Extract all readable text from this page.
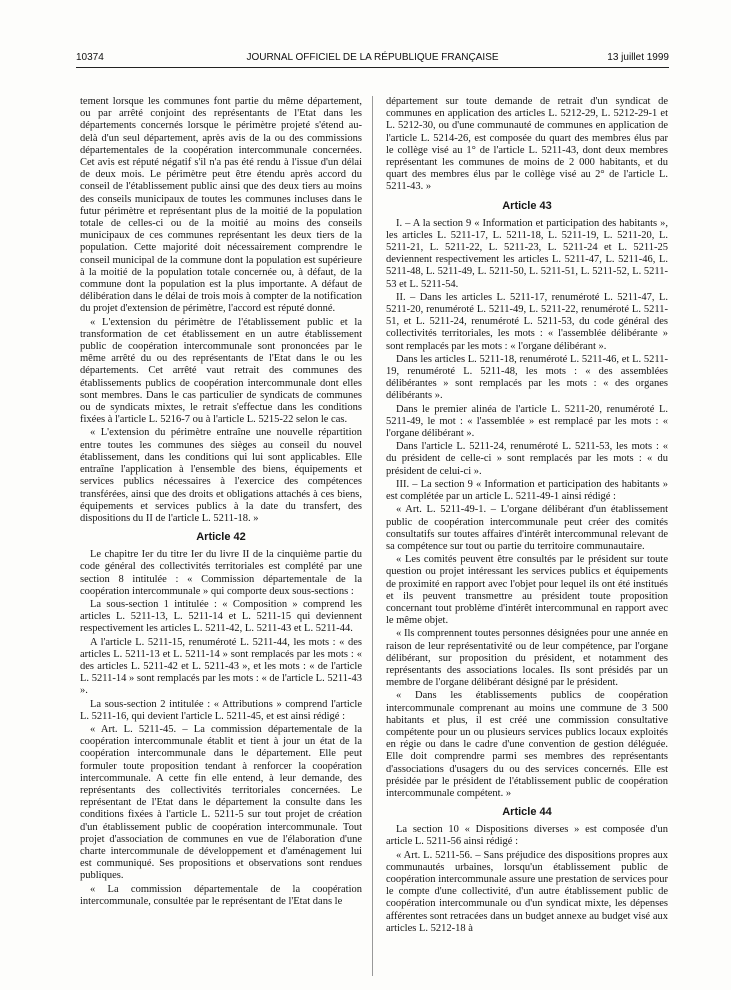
10374	JOURNAL OFFICIEL DE LA RÉPUBLIQUE FRANÇAISE	13 juillet 1999

tement lorsque les communes font partie du même département, ou par arrêté conjoint des représentants de l'Etat dans les départements concernés lorsque le périmètre projeté s'étend au-delà d'un seul département, après avis de la ou des commissions départementales de la coopération intercommunale concernées. Cet avis est réputé négatif s'il n'a pas été rendu à l'issue d'un délai de deux mois. Le périmètre peut être étendu après accord du conseil de l'établissement public ainsi que des deux tiers au moins des conseils municipaux de toutes les communes incluses dans le futur périmètre et représentant plus de la moitié de la population totale de celles-ci ou de la moitié au moins des conseils municipaux de ces communes représentant les deux tiers de la population. Cette majorité doit nécessairement comprendre le conseil municipal de la commune dont la population est supérieure à la moitié de la population totale concernée ou, à défaut, de la commune dont la population est la plus importante. A défaut de délibération dans le délai de trois mois à compter de la notification du projet d'extension de périmètre, l'accord est réputé donné.

« L'extension du périmètre de l'établissement public et la transformation de cet établissement en un autre établissement public de coopération intercommunale sont prononcées par le même arrêté du ou des représentants de l'Etat dans le ou les départements. Cet arrêté vaut retrait des communes des établissements publics de coopération intercommunale dont elles sont membres. Dans le cas particulier de syndicats de communes ou de syndicats mixtes, le retrait s'effectue dans les conditions fixées à l'article L. 5216-7 ou à l'article L. 5215-22 selon le cas.

« L'extension du périmètre entraîne une nouvelle répartition entre toutes les communes des sièges au conseil du nouvel établissement, dans les conditions qui lui sont applicables. Elle entraîne l'application à l'ensemble des biens, équipements et services publics nécessaires à l'exercice des compétences transférées, ainsi que des droits et obligations attachés à ces biens, équipements et services publics à la date du transfert, des dispositions du II de l'article L. 5211-18. »

Article 42

Le chapitre Ier du titre Ier du livre II de la cinquième partie du code général des collectivités territoriales est complété par une section 8 intitulée : « Commission départementale de la coopération intercommunale » qui comporte deux sous-sections :

La sous-section 1 intitulée : « Composition » comprend les articles L. 5211-13, L. 5211-14 et L. 5211-15 qui deviennent respectivement les articles L. 5211-42, L. 5211-43 et L. 5211-44.

A l'article L. 5211-15, renuméroté L. 5211-44, les mots : « des articles L. 5211-13 et L. 5211-14 » sont remplacés par les mots : « des articles L. 5211-42 et L. 5211-43 », et les mots : « de l'article L. 5211-14 » sont remplacés par les mots : « de l'article L. 5211-43 ».

La sous-section 2 intitulée : « Attributions » comprend l'article L. 5211-16, qui devient l'article L. 5211-45, et est ainsi rédigé :

« Art. L. 5211-45. – La commission départementale de la coopération intercommunale établit et tient à jour un état de la coopération intercommunale dans le département. Elle peut formuler toute proposition tendant à renforcer la coopération intercommunale. A cette fin elle entend, à leur demande, des représentants des collectivités territoriales concernées. Le représentant de l'Etat dans le département la consulte dans les conditions fixées à l'article L. 5211-5 sur tout projet de création d'un établissement public de coopération intercommunale. Tout projet d'association de communes en vue de l'élaboration d'une charte intercommunale de développement et d'aménagement lui est communiqué. Ses propositions et observations sont rendues publiques.

« La commission départementale de la coopération intercommunale, consultée par le représentant de l'Etat dans le

département sur toute demande de retrait d'un syndicat de communes en application des articles L. 5212-29, L. 5212-29-1 et L. 5212-30, ou d'une communauté de communes en application de l'article L. 5214-26, est composée du quart des membres élus par le collège visé au 1° de l'article L. 5211-43, dont deux membres représentant les communes de moins de 2 000 habitants, et du quart des membres élus par le collège visé au 2° de l'article L. 5211-43. »

Article 43

I. – A la section 9 « Information et participation des habitants », les articles L. 5211-17, L. 5211-18, L. 5211-19, L. 5211-20, L. 5211-21, L. 5211-22, L. 5211-23, L. 5211-24 et L. 5211-25 deviennent respectivement les articles L. 5211-47, L. 5211-46, L. 5211-48, L. 5211-49, L. 5211-50, L. 5211-51, L. 5211-52, L. 5211-53 et L. 5211-54.

II. – Dans les articles L. 5211-17, renuméroté L. 5211-47, L. 5211-20, renuméroté L. 5211-49, L. 5211-22, renuméroté L. 5211-51, et L. 5211-24, renuméroté L. 5211-53, du code général des collectivités territoriales, les mots : « l'assemblée délibérante » sont remplacés par les mots : « l'organe délibérant ».

Dans les articles L. 5211-18, renuméroté L. 5211-46, et L. 5211-19, renuméroté L. 5211-48, les mots : « des assemblées délibérantes » sont remplacés par les mots : « des organes délibérants ».

Dans le premier alinéa de l'article L. 5211-20, renuméroté L. 5211-49, le mot : « l'assemblée » est remplacé par les mots : « l'organe délibérant ».

Dans l'article L. 5211-24, renuméroté L. 5211-53, les mots : « du président de celle-ci » sont remplacés par les mots : « du président de celui-ci ».

III. – La section 9 « Information et participation des habitants » est complétée par un article L. 5211-49-1 ainsi rédigé :

« Art. L. 5211-49-1. – L'organe délibérant d'un établissement public de coopération intercommunale peut créer des comités consultatifs sur toutes affaires d'intérêt intercommunal relevant de sa compétence sur tout ou partie du territoire communautaire.

« Les comités peuvent être consultés par le président sur toute question ou projet intéressant les services publics et équipements de proximité en rapport avec l'objet pour lequel ils ont été institués et ils peuvent transmettre au président toute proposition concernant tout problème d'intérêt intercommunal en rapport avec le même objet.

« Ils comprennent toutes personnes désignées pour une année en raison de leur représentativité ou de leur compétence, par l'organe délibérant, sur proposition du président, et notamment des représentants des associations locales. Ils sont présidés par un membre de l'organe délibérant désigné par le président.

« Dans les établissements publics de coopération intercommunale comprenant au moins une commune de 3 500 habitants et plus, il est créé une commission consultative compétente pour un ou plusieurs services publics locaux exploités en régie ou dans le cadre d'une convention de gestion déléguée. Elle doit comprendre parmi ses membres des représentants d'associations d'usagers du ou des services concernés. Elle est présidée par le président de l'établissement public de coopération intercommunale compétent. »

Article 44

La section 10 « Dispositions diverses » est composée d'un article L. 5211-56 ainsi rédigé :

« Art. L. 5211-56. – Sans préjudice des dispositions propres aux communautés urbaines, lorsqu'un établissement public de coopération intercommunale assure une prestation de services pour le compte d'une collectivité, d'un autre établissement public de coopération intercommunale ou d'un syndicat mixte, les dépenses afférentes sont retracées dans un budget annexe au budget visé aux articles L. 5212-18 à
